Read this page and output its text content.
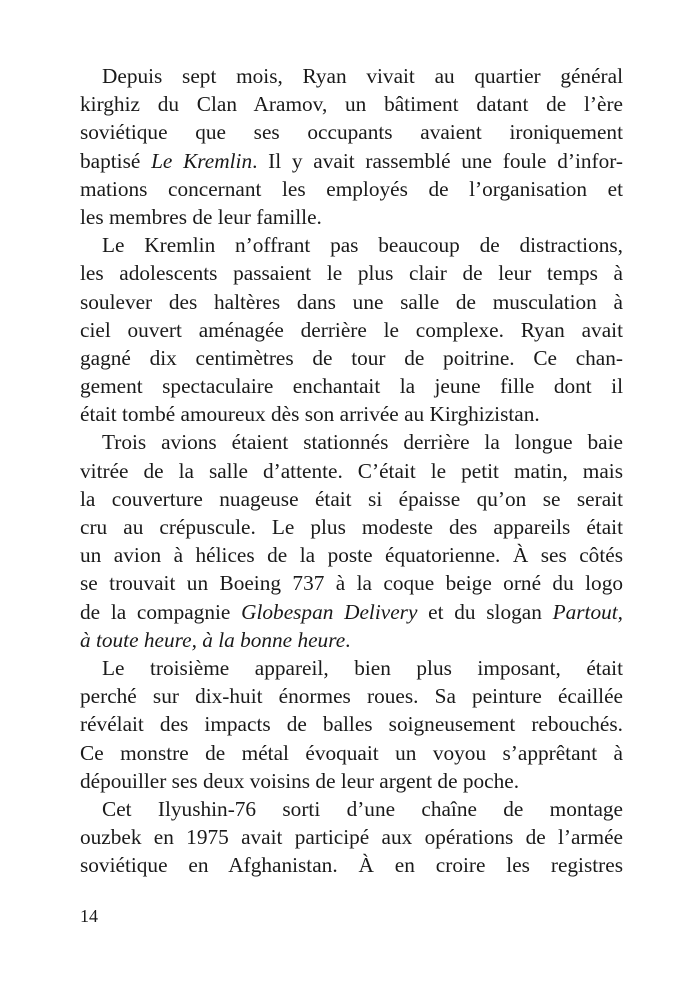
Depuis sept mois, Ryan vivait au quartier général
kirghiz du Clan Aramov, un bâtiment datant de l’ère
soviétique que ses occupants avaient ironiquement
baptisé Le Kremlin. Il y avait rassemblé une foule d’infor-
mations concernant les employés de l’organisation et
les membres de leur famille.
Le Kremlin n’offrant pas beaucoup de distractions,
les adolescents passaient le plus clair de leur temps à
soulever des haltères dans une salle de musculation à
ciel ouvert aménagée derrière le complexe. Ryan avait
gagné dix centimètres de tour de poitrine. Ce chan-
gement spectaculaire enchantait la jeune fille dont il
était tombé amoureux dès son arrivée au Kirghizistan.
Trois avions étaient stationnés derrière la longue baie
vitrée de la salle d’attente. C’était le petit matin, mais
la couverture nuageuse était si épaisse qu’on se serait
cru au crépuscule. Le plus modeste des appareils était
un avion à hélices de la poste équatorienne. À ses côtés
se trouvait un Boeing 737 à la coque beige orné du logo
de la compagnie Globespan Delivery et du slogan Partout,
à toute heure, à la bonne heure.
Le troisième appareil, bien plus imposant, était
perché sur dix-huit énormes roues. Sa peinture écaillée
révélait des impacts de balles soigneusement rebouchés.
Ce monstre de métal évoquait un voyou s’apprêtant à
dépouiller ses deux voisins de leur argent de poche.
Cet Ilyushin-76 sorti d’une chaîne de montage
ouzbek en 1975 avait participé aux opérations de l’armée
soviétique en Afghanistan. À en croire les registres
14
